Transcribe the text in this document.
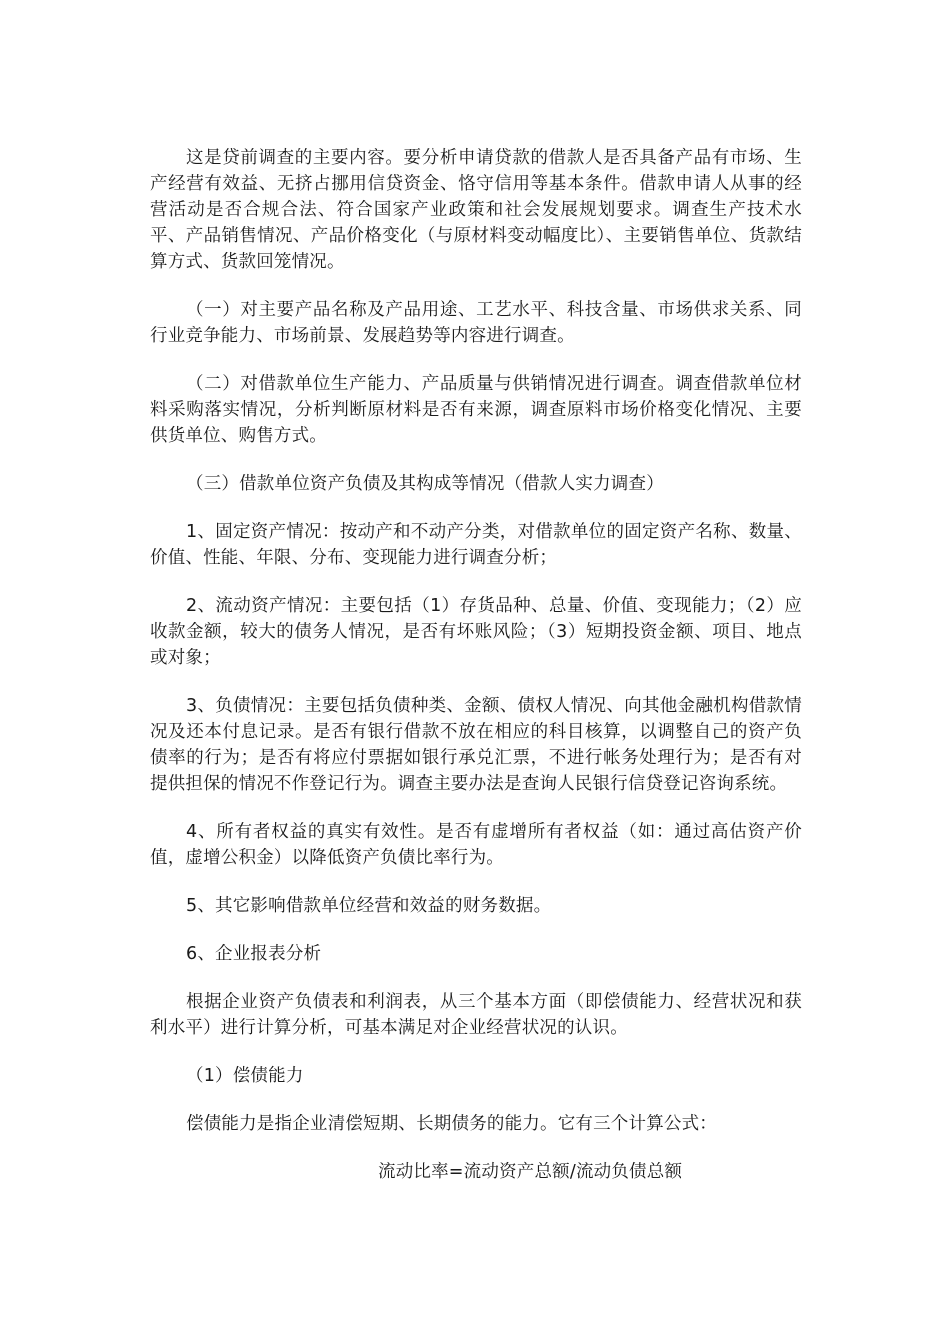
这是贷前调查的主要内容。要分析申请贷款的借款人是否具备产品有市场、生产经营有效益、无挤占挪用信贷资金、恪守信用等基本条件。借款申请人从事的经营活动是否合规合法、符合国家产业政策和社会发展规划要求。调查生产技术水平、产品销售情况、产品价格变化（与原材料变动幅度比）、主要销售单位、货款结算方式、货款回笼情况。

（一）对主要产品名称及产品用途、工艺水平、科技含量、市场供求关系、同行业竞争能力、市场前景、发展趋势等内容进行调查。

（二）对借款单位生产能力、产品质量与供销情况进行调查。调查借款单位材料采购落实情况，分析判断原材料是否有来源，调查原料市场价格变化情况、主要供货单位、购售方式。

（三）借款单位资产负债及其构成等情况（借款人实力调查）

1、固定资产情况：按动产和不动产分类，对借款单位的固定资产名称、数量、价值、性能、年限、分布、变现能力进行调查分析；

2、流动资产情况：主要包括（1）存货品种、总量、价值、变现能力；（2）应收款金额，较大的债务人情况，是否有坏账风险；（3）短期投资金额、项目、地点或对象；

3、负债情况：主要包括负债种类、金额、债权人情况、向其他金融机构借款情况及还本付息记录。是否有银行借款不放在相应的科目核算，以调整自己的资产负债率的行为；是否有将应付票据如银行承兑汇票，不进行帐务处理行为；是否有对提供担保的情况不作登记行为。调查主要办法是查询人民银行信贷登记咨询系统。

4、所有者权益的真实有效性。是否有虚增所有者权益（如：通过高估资产价值，虚增公积金）以降低资产负债比率行为。

5、其它影响借款单位经营和效益的财务数据。

6、企业报表分析

根据企业资产负债表和利润表，从三个基本方面（即偿债能力、经营状况和获利水平）进行计算分析，可基本满足对企业经营状况的认识。

（1）偿债能力

偿债能力是指企业清偿短期、长期债务的能力。它有三个计算公式：

流动比率=流动资产总额/流动负债总额
